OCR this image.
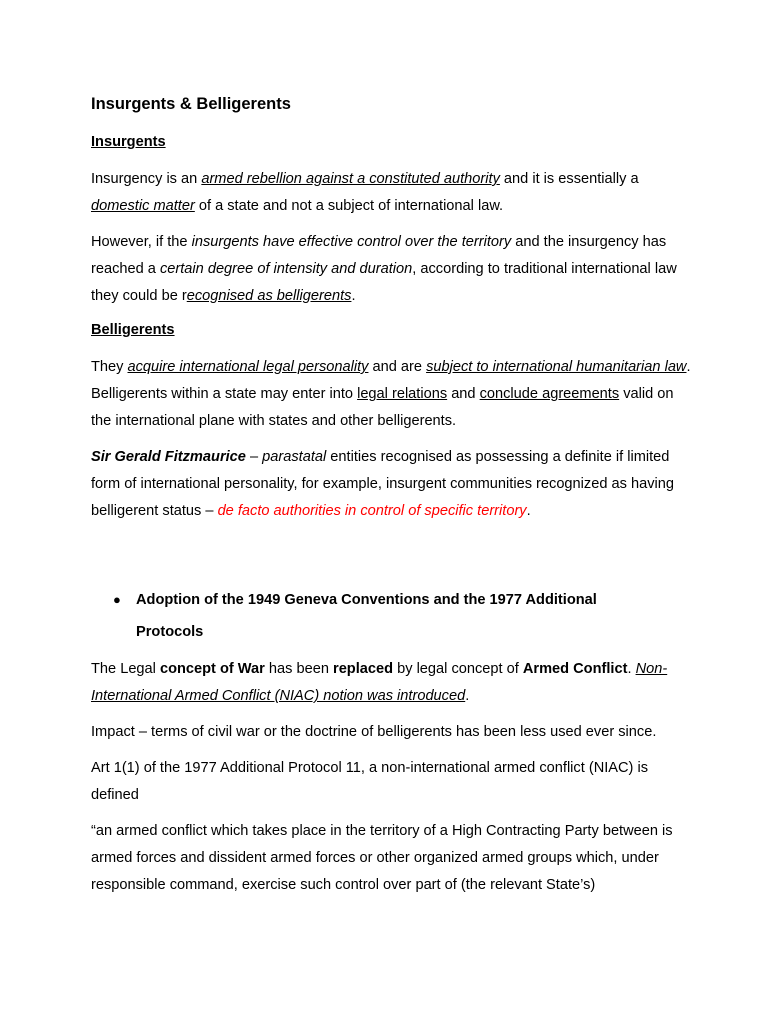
Insurgents & Belligerents
Insurgents

Insurgency is an armed rebellion against a constituted authority and it is essentially a domestic matter of a state and not a subject of international law.

However, if the insurgents have effective control over the territory and the insurgency has reached a certain degree of intensity and duration, according to traditional international law they could be recognised as belligerents.

Belligerents

They acquire international legal personality and are subject to international humanitarian law. Belligerents within a state may enter into legal relations and conclude agreements valid on the international plane with states and other belligerents.

Sir Gerald Fitzmaurice – parastatal entities recognised as possessing a definite if limited form of international personality, for example, insurgent communities recognized as having belligerent status – de facto authorities in control of specific territory.

●	Adoption of the 1949 Geneva Conventions and the 1977 Additional Protocols

The Legal concept of War has been replaced by legal concept of Armed Conflict. Non-International Armed Conflict (NIAC) notion was introduced.

Impact – terms of civil war or the doctrine of belligerents has been less used ever since.

Art 1(1) of the 1977 Additional Protocol 11, a non-international armed conflict (NIAC) is defined

“an armed conflict which takes place in the territory of a High Contracting Party between is armed forces and dissident armed forces or other organized armed groups which, under responsible command, exercise such control over part of (the relevant State’s)
